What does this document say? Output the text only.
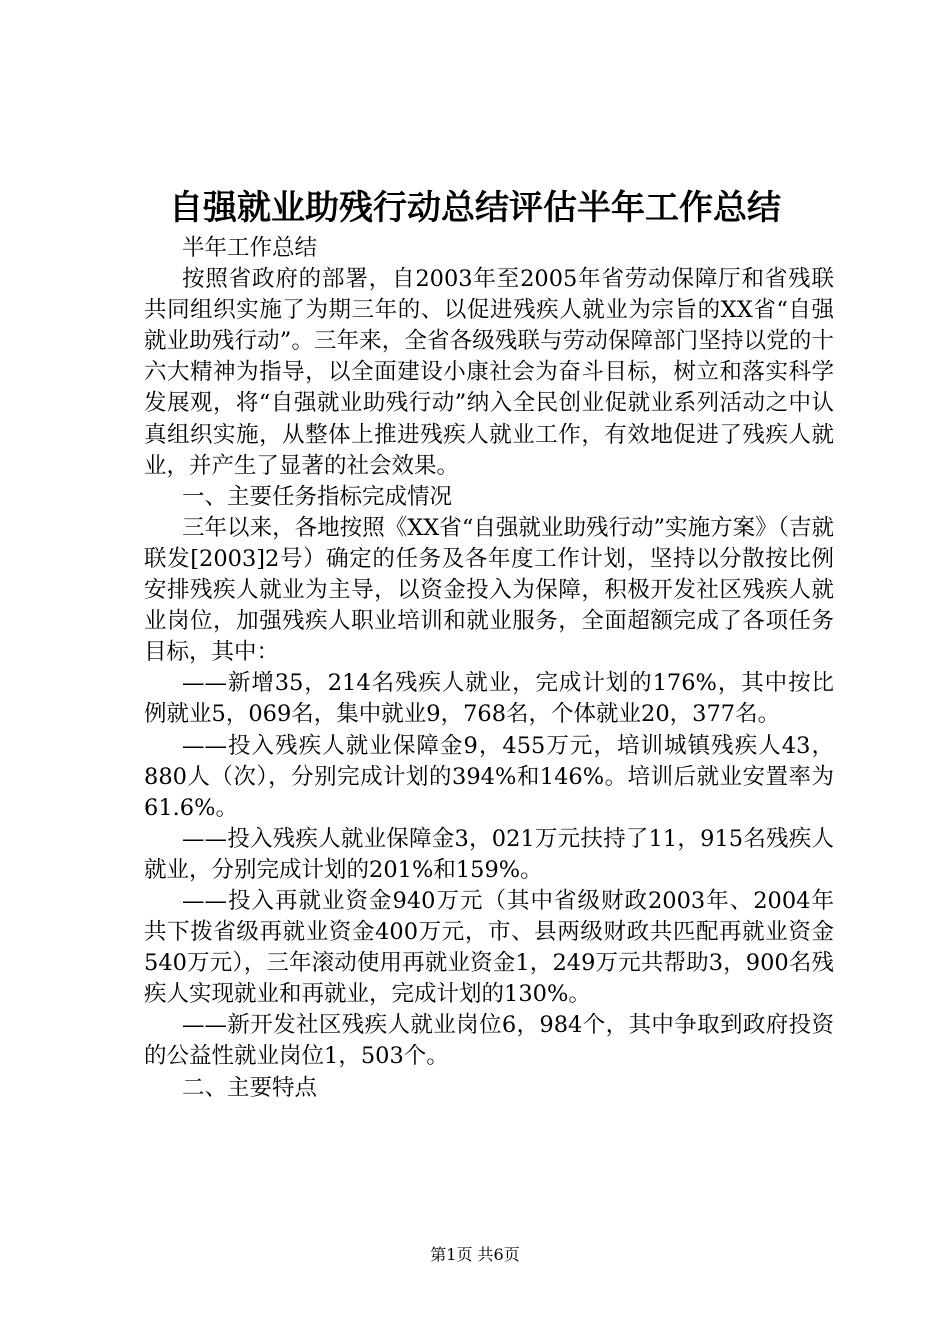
自强就业助残行动总结评估半年工作总结

半年工作总结

按照省政府的部署，自2003年至2005年省劳动保障厅和省残联共同组织实施了为期三年的、以促进残疾人就业为宗旨的XX省“自强就业助残行动”。三年来，全省各级残联与劳动保障部门坚持以党的十六大精神为指导，以全面建设小康社会为奋斗目标，树立和落实科学发展观，将“自强就业助残行动”纳入全民创业促就业系列活动之中认真组织实施，从整体上推进残疾人就业工作，有效地促进了残疾人就业，并产生了显著的社会效果。

一、主要任务指标完成情况

三年以来，各地按照《XX省“自强就业助残行动”实施方案》（吉就联发[2003]2号）确定的任务及各年度工作计划，坚持以分散按比例安排残疾人就业为主导，以资金投入为保障，积极开发社区残疾人就业岗位，加强残疾人职业培训和就业服务，全面超额完成了各项任务目标，其中：

——新增35，214名残疾人就业，完成计划的176%，其中按比例就业5，069名，集中就业9，768名，个体就业20，377名。

——投入残疾人就业保障金9，455万元，培训城镇残疾人43，880人（次），分别完成计划的394%和146%。培训后就业安置率为61.6%。

——投入残疾人就业保障金3，021万元扶持了11，915名残疾人就业，分别完成计划的201%和159%。

——投入再就业资金940万元（其中省级财政2003年、2004年共下拨省级再就业资金400万元，市、县两级财政共匹配再就业资金540万元），三年滚动使用再就业资金1，249万元共帮助3，900名残疾人实现就业和再就业，完成计划的130%。

——新开发社区残疾人就业岗位6，984个，其中争取到政府投资的公益性就业岗位1，503个。

二、主要特点

第1页 共6页
